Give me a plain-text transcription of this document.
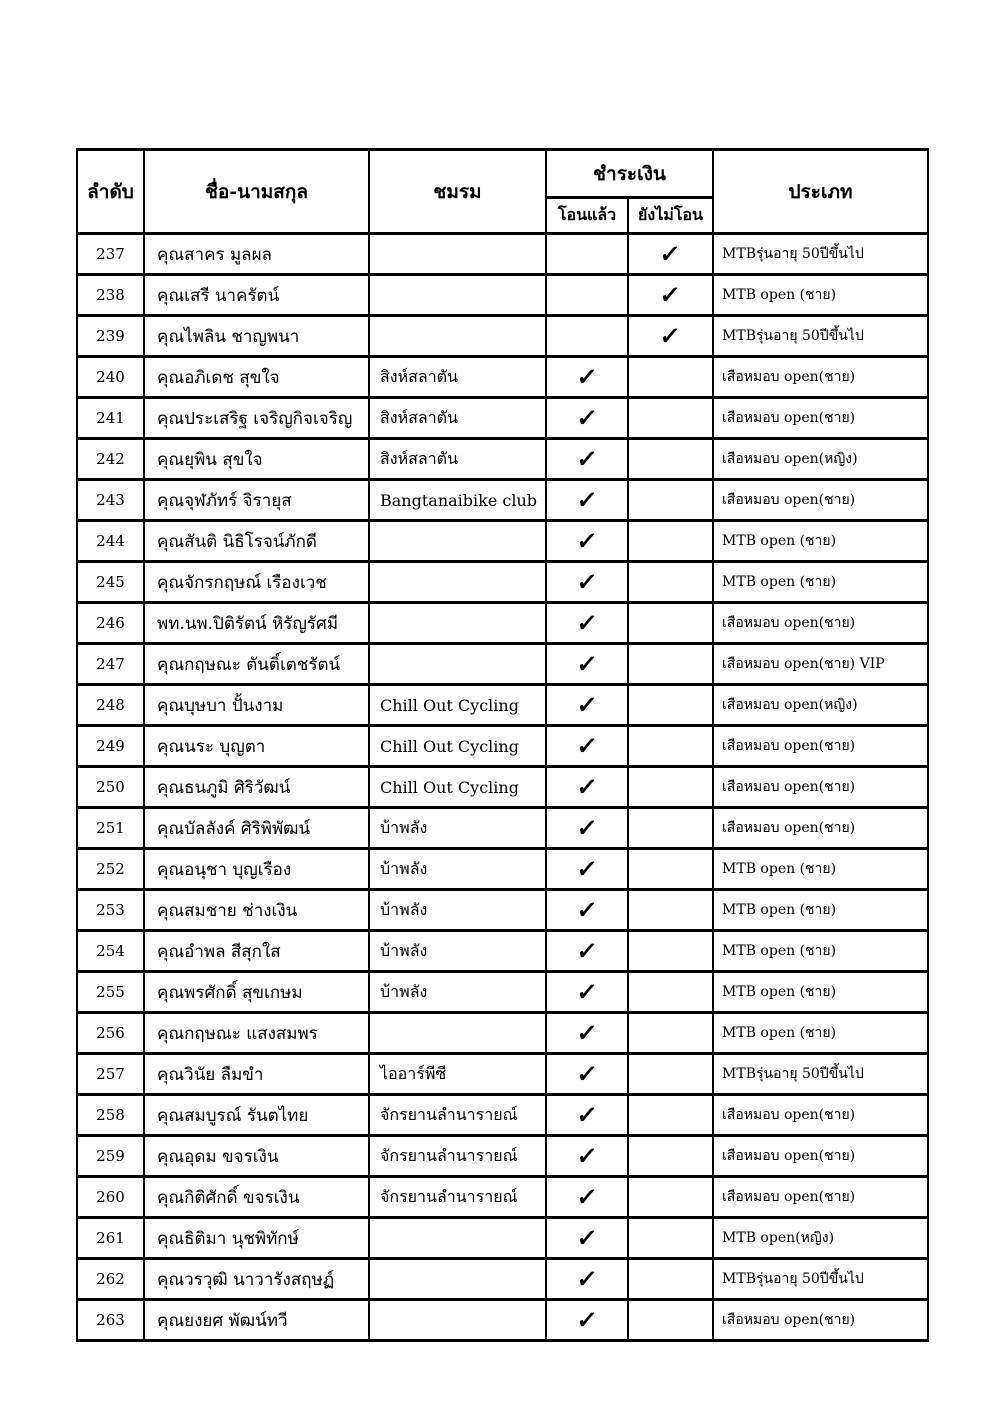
ลำดับ	ชื่อ-นามสกุล	ชมรม	ชำระเงิน		ประเภท
			โอนแล้ว	ยังไม่โอน	
237	คุณสาคร มูลผล			✓	MTBรุ่นอายุ 50ปีขึ้นไป
238	คุณเสรี นาครัตน์			✓	MTB open (ชาย)
239	คุณไพลิน ชาญพนา			✓	MTBรุ่นอายุ 50ปีขึ้นไป
240	คุณอภิเดช สุขใจ	สิงห์สลาตัน	✓		เสือหมอบ open(ชาย)
241	คุณประเสริฐ เจริญกิจเจริญ	สิงห์สลาตัน	✓		เสือหมอบ open(ชาย)
242	คุณยุพิน สุขใจ	สิงห์สลาตัน	✓		เสือหมอบ open(หญิง)
243	คุณจุฬภัทร์ จิรายุส	Bangtanaibike club	✓		เสือหมอบ open(ชาย)
244	คุณสันติ นิธิโรจน์ภักดี		✓		MTB open (ชาย)
245	คุณจักรกฤษณ์ เรืองเวช		✓		MTB open (ชาย)
246	พท.นพ.ปิติรัตน์ หิรัญรัศมี		✓		เสือหมอบ open(ชาย)
247	คุณกฤษณะ ตันติ์เตชรัตน์		✓		เสือหมอบ open(ชาย) VIP
248	คุณบุษบา ปั้นงาม	Chill Out Cycling	✓		เสือหมอบ open(หญิง)
249	คุณนระ บุญตา	Chill Out Cycling	✓		เสือหมอบ open(ชาย)
250	คุณธนภูมิ ศิริวัฒน์	Chill Out Cycling	✓		เสือหมอบ open(ชาย)
251	คุณบัลลังค์ ศิริพิพัฒน์	บ้าพลัง	✓		เสือหมอบ open(ชาย)
252	คุณอนุชา บุญเรือง	บ้าพลัง	✓		MTB open (ชาย)
253	คุณสมชาย ช่างเงิน	บ้าพลัง	✓		MTB open (ชาย)
254	คุณอำพล สีสุกใส	บ้าพลัง	✓		MTB open (ชาย)
255	คุณพรศักดิ์ สุขเกษม	บ้าพลัง	✓		MTB open (ชาย)
256	คุณกฤษณะ แสงสมพร		✓		MTB open (ชาย)
257	คุณวินัย ลืมขำ	ไออาร์พีซี	✓		MTBรุ่นอายุ 50ปีขึ้นไป
258	คุณสมบูรณ์ รันตไทย	จักรยานลำนารายณ์	✓		เสือหมอบ open(ชาย)
259	คุณอุดม ขจรเงิน	จักรยานลำนารายณ์	✓		เสือหมอบ open(ชาย)
260	คุณกิติศักดิ์ ขจรเงิน	จักรยานลำนารายณ์	✓		เสือหมอบ open(ชาย)
261	คุณธิติมา นุชพิทักษ์		✓		MTB open(หญิง)
262	คุณวรวุฒิ นาวารังสฤษฏ์		✓		MTBรุ่นอายุ 50ปีขึ้นไป
263	คุณยงยศ พัฒน์ทวี		✓		เสือหมอบ open(ชาย)
